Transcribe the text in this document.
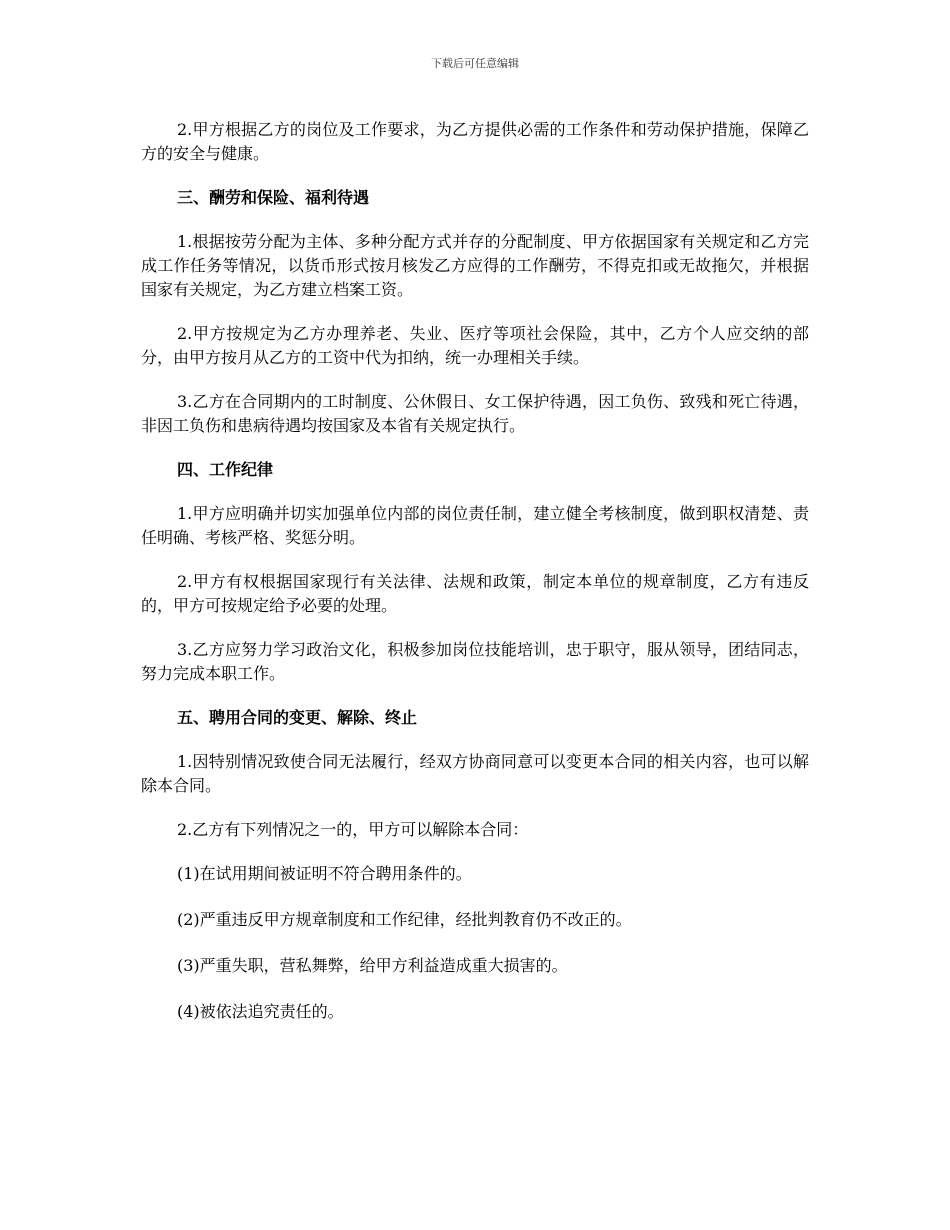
下载后可任意编辑

2.甲方根据乙方的岗位及工作要求，为乙方提供必需的工作条件和劳动保护措施，保障乙方的安全与健康。

三、酬劳和保险、福利待遇

1.根据按劳分配为主体、多种分配方式并存的分配制度、甲方依据国家有关规定和乙方完成工作任务等情况，以货币形式按月核发乙方应得的工作酬劳，不得克扣或无故拖欠，并根据国家有关规定，为乙方建立档案工资。

2.甲方按规定为乙方办理养老、失业、医疗等项社会保险，其中，乙方个人应交纳的部分，由甲方按月从乙方的工资中代为扣纳，统一办理相关手续。

3.乙方在合同期内的工时制度、公休假日、女工保护待遇，因工负伤、致残和死亡待遇，非因工负伤和患病待遇均按国家及本省有关规定执行。

四、工作纪律

1.甲方应明确并切实加强单位内部的岗位责任制，建立健全考核制度，做到职权清楚、责任明确、考核严格、奖惩分明。

2.甲方有权根据国家现行有关法律、法规和政策，制定本单位的规章制度，乙方有违反的，甲方可按规定给予必要的处理。

3.乙方应努力学习政治文化，积极参加岗位技能培训，忠于职守，服从领导，团结同志，努力完成本职工作。

五、聘用合同的变更、解除、终止

1.因特别情况致使合同无法履行，经双方协商同意可以变更本合同的相关内容，也可以解除本合同。

2.乙方有下列情况之一的，甲方可以解除本合同：

(1)在试用期间被证明不符合聘用条件的。

(2)严重违反甲方规章制度和工作纪律，经批判教育仍不改正的。

(3)严重失职，营私舞弊，给甲方利益造成重大损害的。

(4)被依法追究责任的。
